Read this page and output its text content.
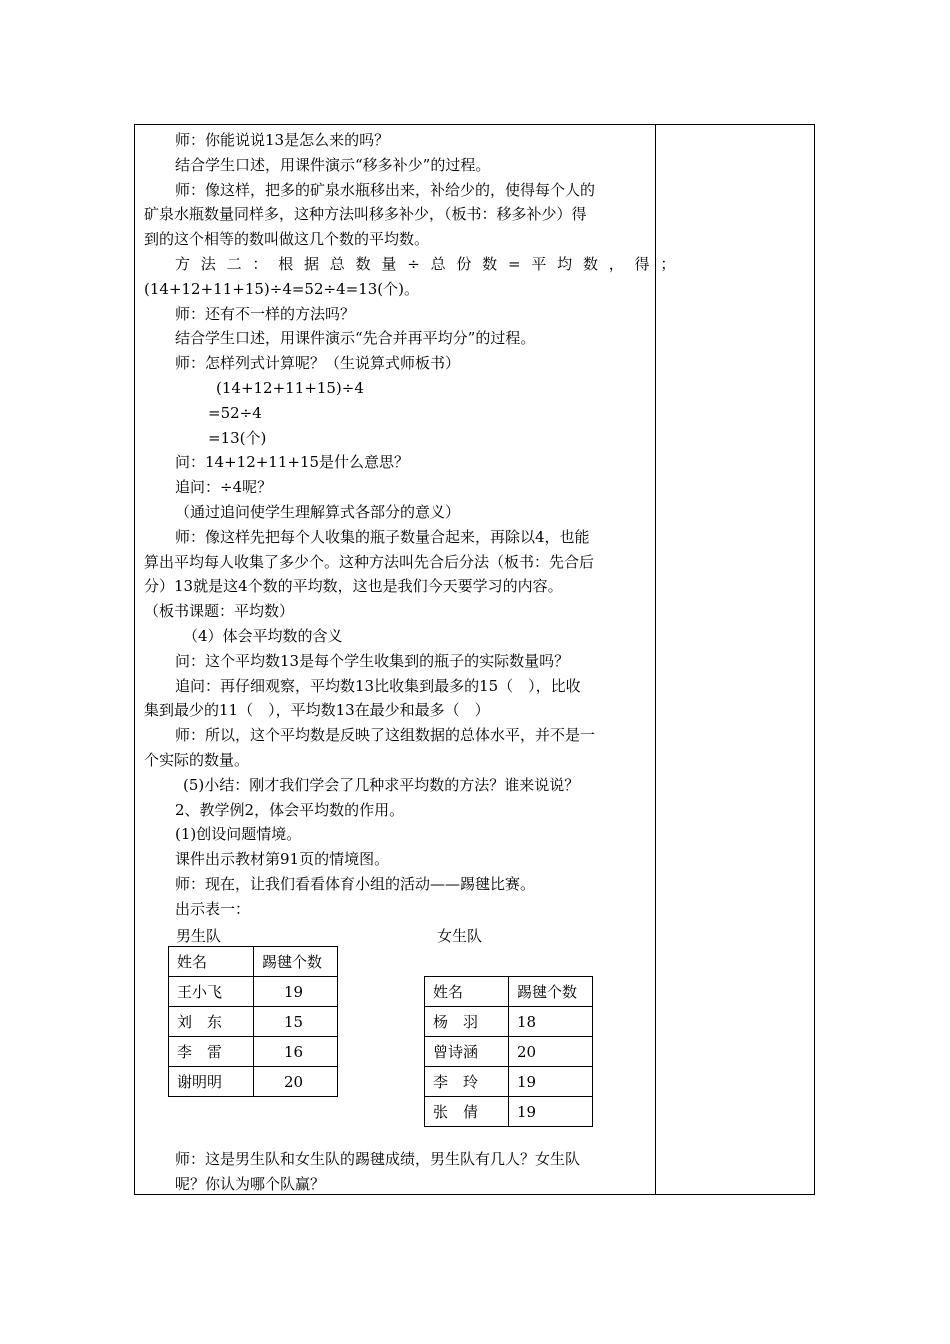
师：你能说说13是怎么来的吗？
结合学生口述，用课件演示“移多补少”的过程。
师：像这样，把多的矿泉水瓶移出来，补给少的，使得每个人的
矿泉水瓶数量同样多，这种方法叫移多补少，（板书：移多补少）得
到的这个相等的数叫做这几个数的平均数。
方法二：根据总数量÷总份数=平均数，得；
(14+12+11+15)÷4=52÷4=13(个)。
师：还有不一样的方法吗？
结合学生口述，用课件演示“先合并再平均分”的过程。
师：怎样列式计算呢？（生说算式师板书）
(14+12+11+15)÷4
=52÷4
=13(个)
问：14+12+11+15是什么意思？
追问：÷4呢？
（通过追问使学生理解算式各部分的意义）
师：像这样先把每个人收集的瓶子数量合起来，再除以4，也能
算出平均每人收集了多少个。这种方法叫先合后分法（板书：先合后
分）13就是这4个数的平均数，这也是我们今天要学习的内容。
（板书课题：平均数）
（4）体会平均数的含义
问：这个平均数13是每个学生收集到的瓶子的实际数量吗？
追问：再仔细观察，平均数13比收集到最多的15（　），比收
集到最少的11（　），平均数13在最少和最多（　）
师：所以，这个平均数是反映了这组数据的总体水平，并不是一
个实际的数量。
(5)小结：刚才我们学会了几种求平均数的方法？谁来说说？
2、教学例2，体会平均数的作用。
(1)创设问题情境。
课件出示教材第91页的情境图。
师：现在，让我们看看体育小组的活动——踢毽比赛。
出示表一：
男生队	女生队
姓名	踢毽个数
王小飞	19
刘　东	15
李　雷	16
谢明明	20
姓名	踢毽个数
杨　羽	18
曾诗涵	20
李　玲	19
张　倩	19
师：这是男生队和女生队的踢毽成绩，男生队有几人？女生队
呢？你认为哪个队赢？
